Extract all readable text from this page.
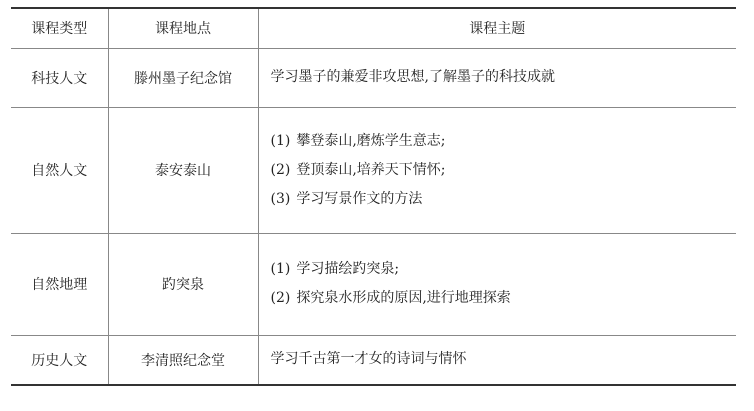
课程类型	课程地点	课程主题
科技人文	滕州墨子纪念馆	学习墨子的兼爱非攻思想,了解墨子的科技成就

自然人文	泰安泰山	(1) 攀登泰山,磨炼学生意志;
(2) 登顶泰山,培养天下情怀;
(3) 学习写景作文的方法

自然地理	趵突泉	(1) 学习描绘趵突泉;
(2) 探究泉水形成的原因,进行地理探索

历史人文	李清照纪念堂	学习千古第一才女的诗词与情怀
